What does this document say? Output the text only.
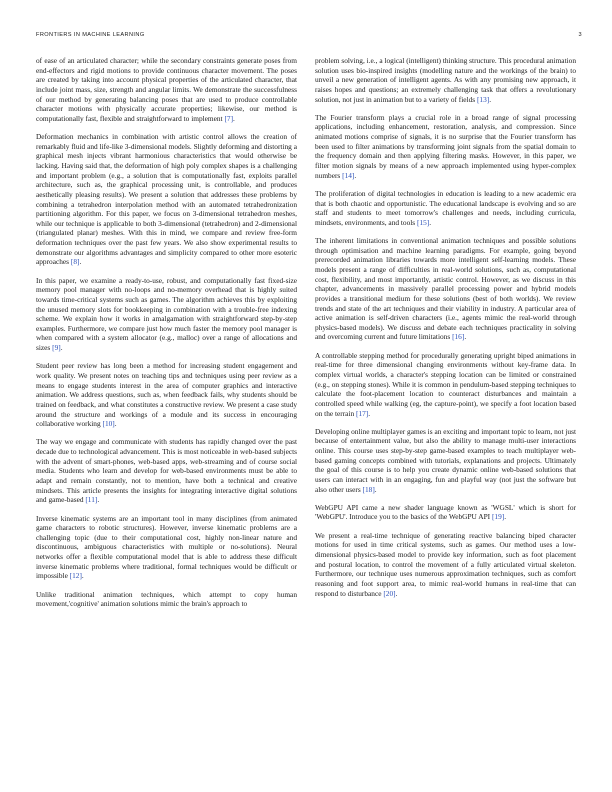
FRONTIERS IN MACHINE LEARNING	3

of ease of an articulated character; while the secondary constraints generate poses from end-effectors and rigid motions to provide continuous character movement. The poses are created by taking into account physical properties of the articulated character, that include joint mass, size, strength and angular limits. We demonstrate the successfulness of our method by generating balancing poses that are used to produce controllable character motions with physically accurate properties; likewise, our method is computationally fast, flexible and straightforward to implement [7].

Deformation mechanics in combination with artistic control allows the creation of remarkably fluid and life-like 3-dimensional models. Slightly deforming and distorting a graphical mesh injects vibrant harmonious characteristics that would otherwise be lacking. Having said that, the deformation of high poly complex shapes is a challenging and important problem (e.g., a solution that is computationally fast, exploits parallel architecture, such as, the graphical processing unit, is controllable, and produces aesthetically pleasing results). We present a solution that addresses these problems by combining a tetrahedron interpolation method with an automated tetrahedronization partitioning algorithm. For this paper, we focus on 3-dimensional tetrahedron meshes, while our technique is applicable to both 3-dimensional (tetrahedron) and 2-dimensional (triangulated planar) meshes. With this in mind, we compare and review free-form deformation techniques over the past few years. We also show experimental results to demonstrate our algorithms advantages and simplicity compared to other more esoteric approaches [8].

In this paper, we examine a ready-to-use, robust, and computationally fast fixed-size memory pool manager with no-loops and no-memory overhead that is highly suited towards time-critical systems such as games. The algorithm achieves this by exploiting the unused memory slots for bookkeeping in combination with a trouble-free indexing scheme. We explain how it works in amalgamation with straightforward step-by-step examples. Furthermore, we compare just how much faster the memory pool manager is when compared with a system allocator (e.g., malloc) over a range of allocations and sizes [9].

Student peer review has long been a method for increasing student engagement and work quality. We present notes on teaching tips and techniques using peer review as a means to engage students interest in the area of computer graphics and interactive animation. We address questions, such as, when feedback fails, why students should be trained on feedback, and what constitutes a constructive review. We present a case study around the structure and workings of a module and its success in encouraging collaborative working [10].

The way we engage and communicate with students has rapidly changed over the past decade due to technological advancement. This is most noticeable in web-based subjects with the advent of smart-phones, web-based apps, web-streaming and of course social media. Students who learn and develop for web-based environments must be able to adapt and remain constantly, not to mention, have both a technical and creative mindsets. This article presents the insights for integrating interactive digital solutions and game-based [11].

Inverse kinematic systems are an important tool in many disciplines (from animated game characters to robotic structures). However, inverse kinematic problems are a challenging topic (due to their computational cost, highly non-linear nature and discontinuous, ambiguous characteristics with multiple or no-solutions). Neural networks offer a flexible computational model that is able to address these difficult inverse kinematic problems where traditional, formal techniques would be difficult or impossible [12].

Unlike traditional animation techniques, which attempt to copy human movement,'cognitive' animation solutions mimic the brain's approach to

problem solving, i.e., a logical (intelligent) thinking structure. This procedural animation solution uses bio-inspired insights (modelling nature and the workings of the brain) to unveil a new generation of intelligent agents. As with any promising new approach, it raises hopes and questions; an extremely challenging task that offers a revolutionary solution, not just in animation but to a variety of fields [13].

The Fourier transform plays a crucial role in a broad range of signal processing applications, including enhancement, restoration, analysis, and compression. Since animated motions comprise of signals, it is no surprise that the Fourier transform has been used to filter animations by transforming joint signals from the spatial domain to the frequency domain and then applying filtering masks. However, in this paper, we filter motion signals by means of a new approach implemented using hyper-complex numbers [14].

The proliferation of digital technologies in education is leading to a new academic era that is both chaotic and opportunistic. The educational landscape is evolving and so are staff and students to meet tomorrow's challenges and needs, including curricula, mindsets, environments, and tools [15].

The inherent limitations in conventional animation techniques and possible solutions through optimisation and machine learning paradigms. For example, going beyond prerecorded animation libraries towards more intelligent self-learning models. These models present a range of difficulties in real-world solutions, such as, computational cost, flexibility, and most importantly, artistic control. However, as we discuss in this chapter, advancements in massively parallel processing power and hybrid models provides a transitional medium for these solutions (best of both worlds). We review trends and state of the art techniques and their viability in industry. A particular area of active animation is self-driven characters (i.e., agents mimic the real-world through physics-based models). We discuss and debate each techniques practicality in solving and overcoming current and future limitations [16].

A controllable stepping method for procedurally generating upright biped animations in real-time for three dimensional changing environments without key-frame data. In complex virtual worlds, a character's stepping location can be limited or constrained (e.g., on stepping stones). While it is common in pendulum-based stepping techniques to calculate the foot-placement location to counteract disturbances and maintain a controlled speed while walking (eg, the capture-point), we specify a foot location based on the terrain [17].

Developing online multiplayer games is an exciting and important topic to learn, not just because of entertainment value, but also the ability to manage multi-user interactions online. This course uses step-by-step game-based examples to teach multiplayer web-based gaming concepts combined with tutorials, explanations and projects. Ultimately the goal of this course is to help you create dynamic online web-based solutions that users can interact with in an engaging, fun and playful way (not just the software but also other users [18].

WebGPU API came a new shader language known as 'WGSL' which is short for 'WebGPU'. Introduce you to the basics of the WebGPU API [19].

We present a real-time technique of generating reactive balancing biped character motions for used in time critical systems, such as games. Our method uses a low- dimensional physics-based model to provide key information, such as foot placement and postural location, to control the movement of a fully articulated virtual skeleton. Furthermore, our technique uses numerous approximation techniques, such as comfort reasoning and foot support area, to mimic real-world humans in real-time that can respond to disturbance [20].
